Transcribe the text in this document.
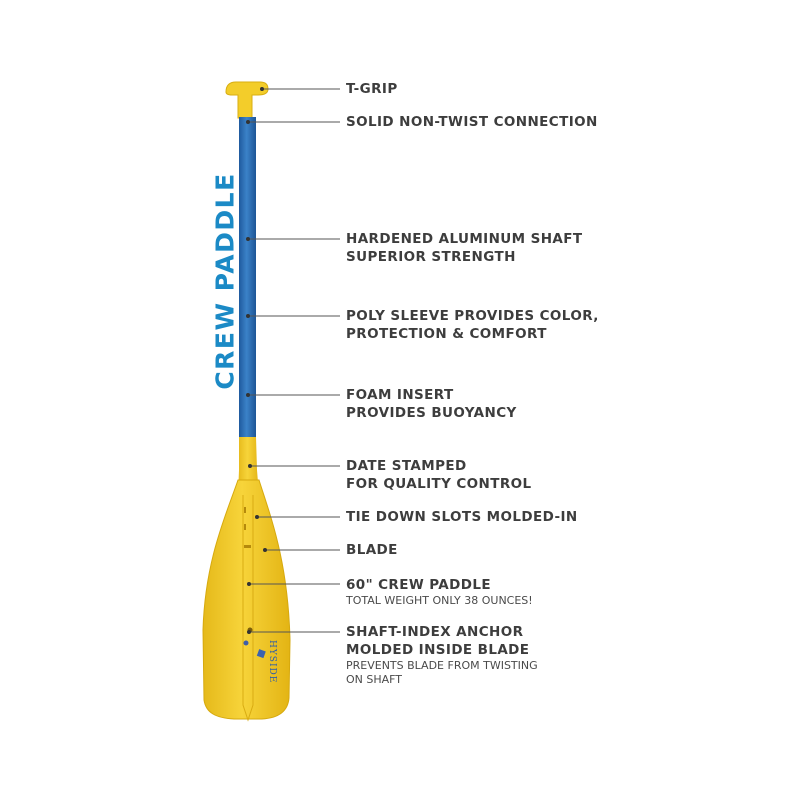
HYSIDE
CREW PADDLE
T-GRIP
SOLID NON-TWIST CONNECTION
HARDENED ALUMINUM SHAFT
SUPERIOR STRENGTH
POLY SLEEVE PROVIDES COLOR,
PROTECTION & COMFORT
FOAM INSERT
PROVIDES BUOYANCY
DATE STAMPED
FOR QUALITY CONTROL
TIE DOWN SLOTS MOLDED-IN
BLADE
60" CREW PADDLE
TOTAL WEIGHT ONLY 38 OUNCES!
SHAFT-INDEX ANCHOR
MOLDED INSIDE BLADE
PREVENTS BLADE FROM TWISTING
ON SHAFT
